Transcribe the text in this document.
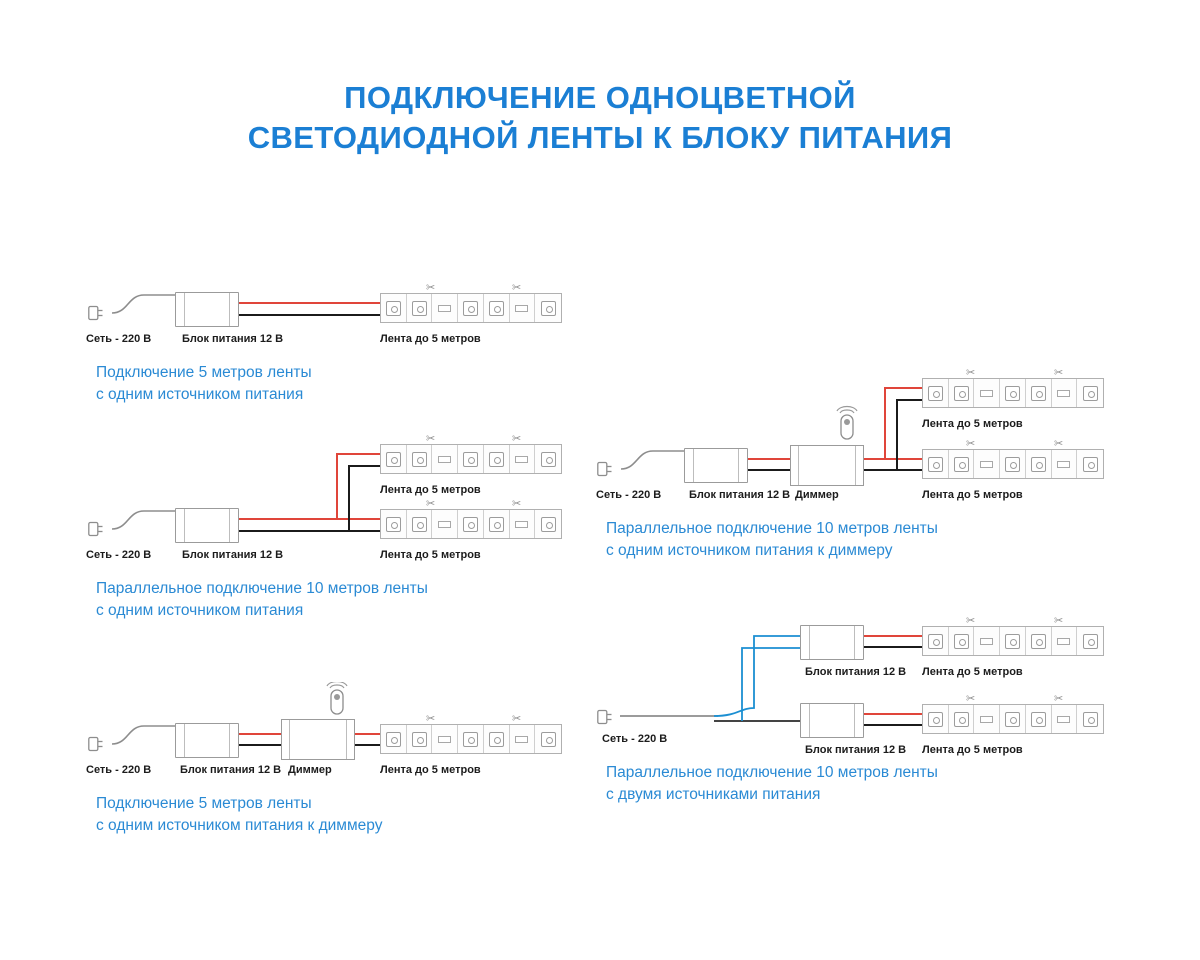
ПОДКЛЮЧЕНИЕ ОДНОЦВЕТНОЙ
СВЕТОДИОДНОЙ ЛЕНТЫ К БЛОКУ ПИТАНИЯ
✂	✂
Сеть - 220 В	Блок питания 12 В	Лента до 5 метров
Подключение 5 метров ленты
с одним источником питания
✂	✂
Лента до 5 метров
✂	✂
Сеть - 220 В	Блок питания 12 В	Лента до 5 метров
Параллельное подключение 10 метров ленты
с одним источником питания
✂	✂
Сеть - 220 В	Блок питания 12 В Диммер	Лента до 5 метров
Подключение 5 метров ленты
с одним источником питания к диммеру
✂	✂
Лента до 5 метров
✂	✂
Сеть - 220 В	Блок питания 12 В Диммер	Лента до 5 метров
Параллельное подключение 10 метров ленты
с одним источником питания к диммеру
Блок питания 12 В
✂	✂
Лента до 5 метров
Блок питания 12 В
✂	✂
Лента до 5 метров
Сеть - 220 В
Параллельное подключение 10 метров ленты
с двумя источниками питания
